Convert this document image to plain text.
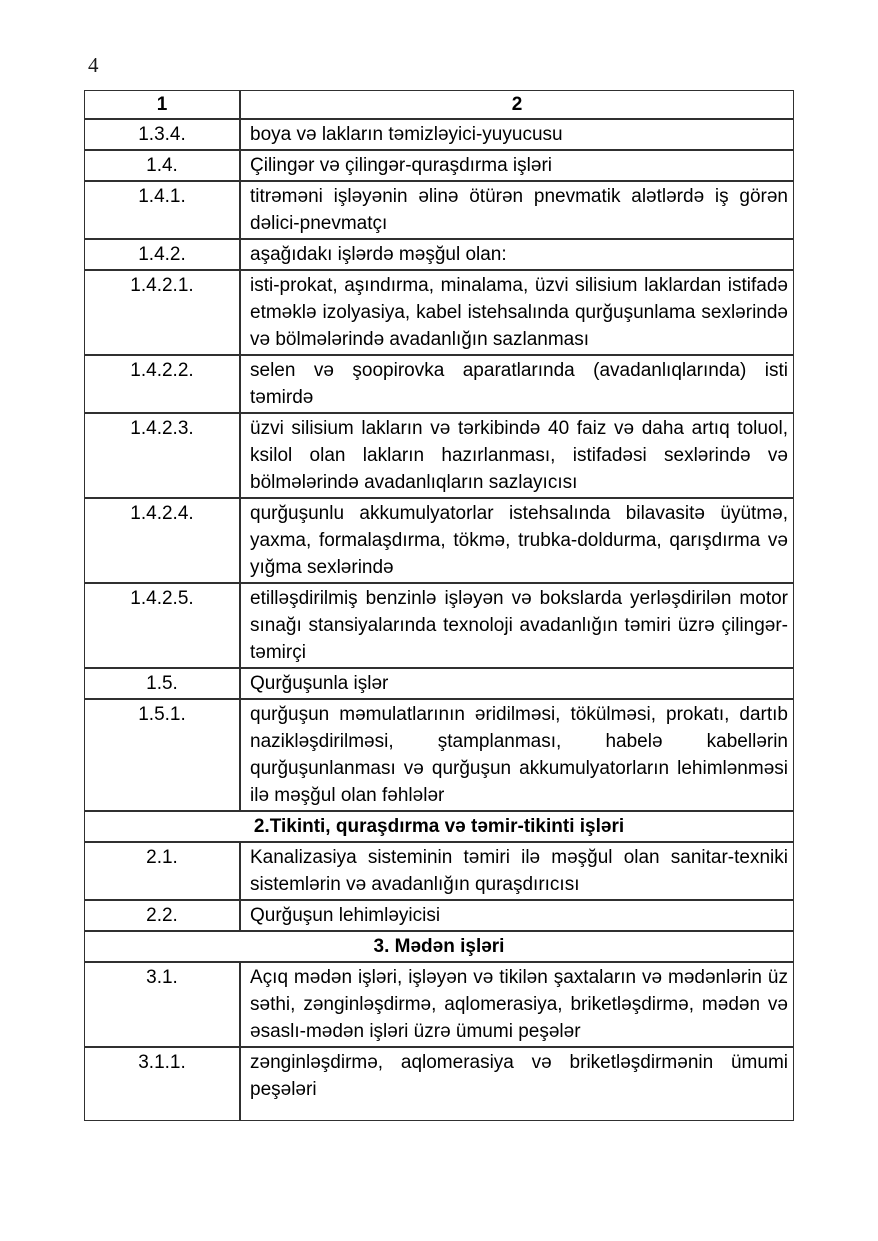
4
1	2
1.3.4.	boya və lakların təmizləyici-yuyucusu
1.4.	Çilingər və çilingər-quraşdırma işləri
1.4.1.	titrəməni işləyənin əlinə ötürən pnevmatik alətlərdə iş görən dəlici-pnevmatçı
1.4.2.	aşağıdakı işlərdə məşğul olan:
1.4.2.1.	isti-prokat, aşındırma, minalama, üzvi silisium laklardan istifadə etməklə izolyasiya, kabel istehsalında qurğuşunlama sexlərində və bölmələrində avadanlığın sazlanması
1.4.2.2.	selen və şoopirovka aparatlarında (avadanlıqlarında) isti təmirdə
1.4.2.3.	üzvi silisium lakların və tərkibində 40 faiz və daha artıq toluol, ksilol olan lakların hazırlanması, istifadəsi sexlərində və bölmələrində avadanlıqların sazlayıcısı
1.4.2.4.	qurğuşunlu akkumulyatorlar istehsalında bilavasitə üyütmə, yaxma, formalaşdırma, tökmə, trubka-doldurma, qarışdırma və yığma sexlərində
1.4.2.5.	etilləşdirilmiş benzinlə işləyən və bokslarda yerləşdirilən motor sınağı stansiyalarında texnoloji avadanlığın təmiri üzrə çilingər-təmirçi
1.5.	Qurğuşunla işlər
1.5.1.	qurğuşun məmulatlarının əridilməsi, tökülməsi, prokatı, dartıb nazikləşdirilməsi, ştamplanması, habelə kabellərin qurğuşunlanması və qurğuşun akkumulyatorların lehimlənməsi ilə məşğul olan fəhlələr
2.Tikinti, quraşdırma və təmir-tikinti işləri	
2.1.	Kanalizasiya sisteminin təmiri ilə məşğul olan sanitar-texniki sistemlərin və avadanlığın quraşdırıcısı
2.2.	Qurğuşun lehimləyicisi
3. Mədən işləri	
3.1.	Açıq mədən işləri, işləyən və tikilən şaxtaların və mədənlərin üz səthi, zənginləşdirmə, aqlomerasiya, briketləşdirmə, mədən və əsaslı-mədən işləri üzrə ümumi peşələr
3.1.1.	zənginləşdirmə, aqlomerasiya və briketləşdirmənin ümumi peşələri
